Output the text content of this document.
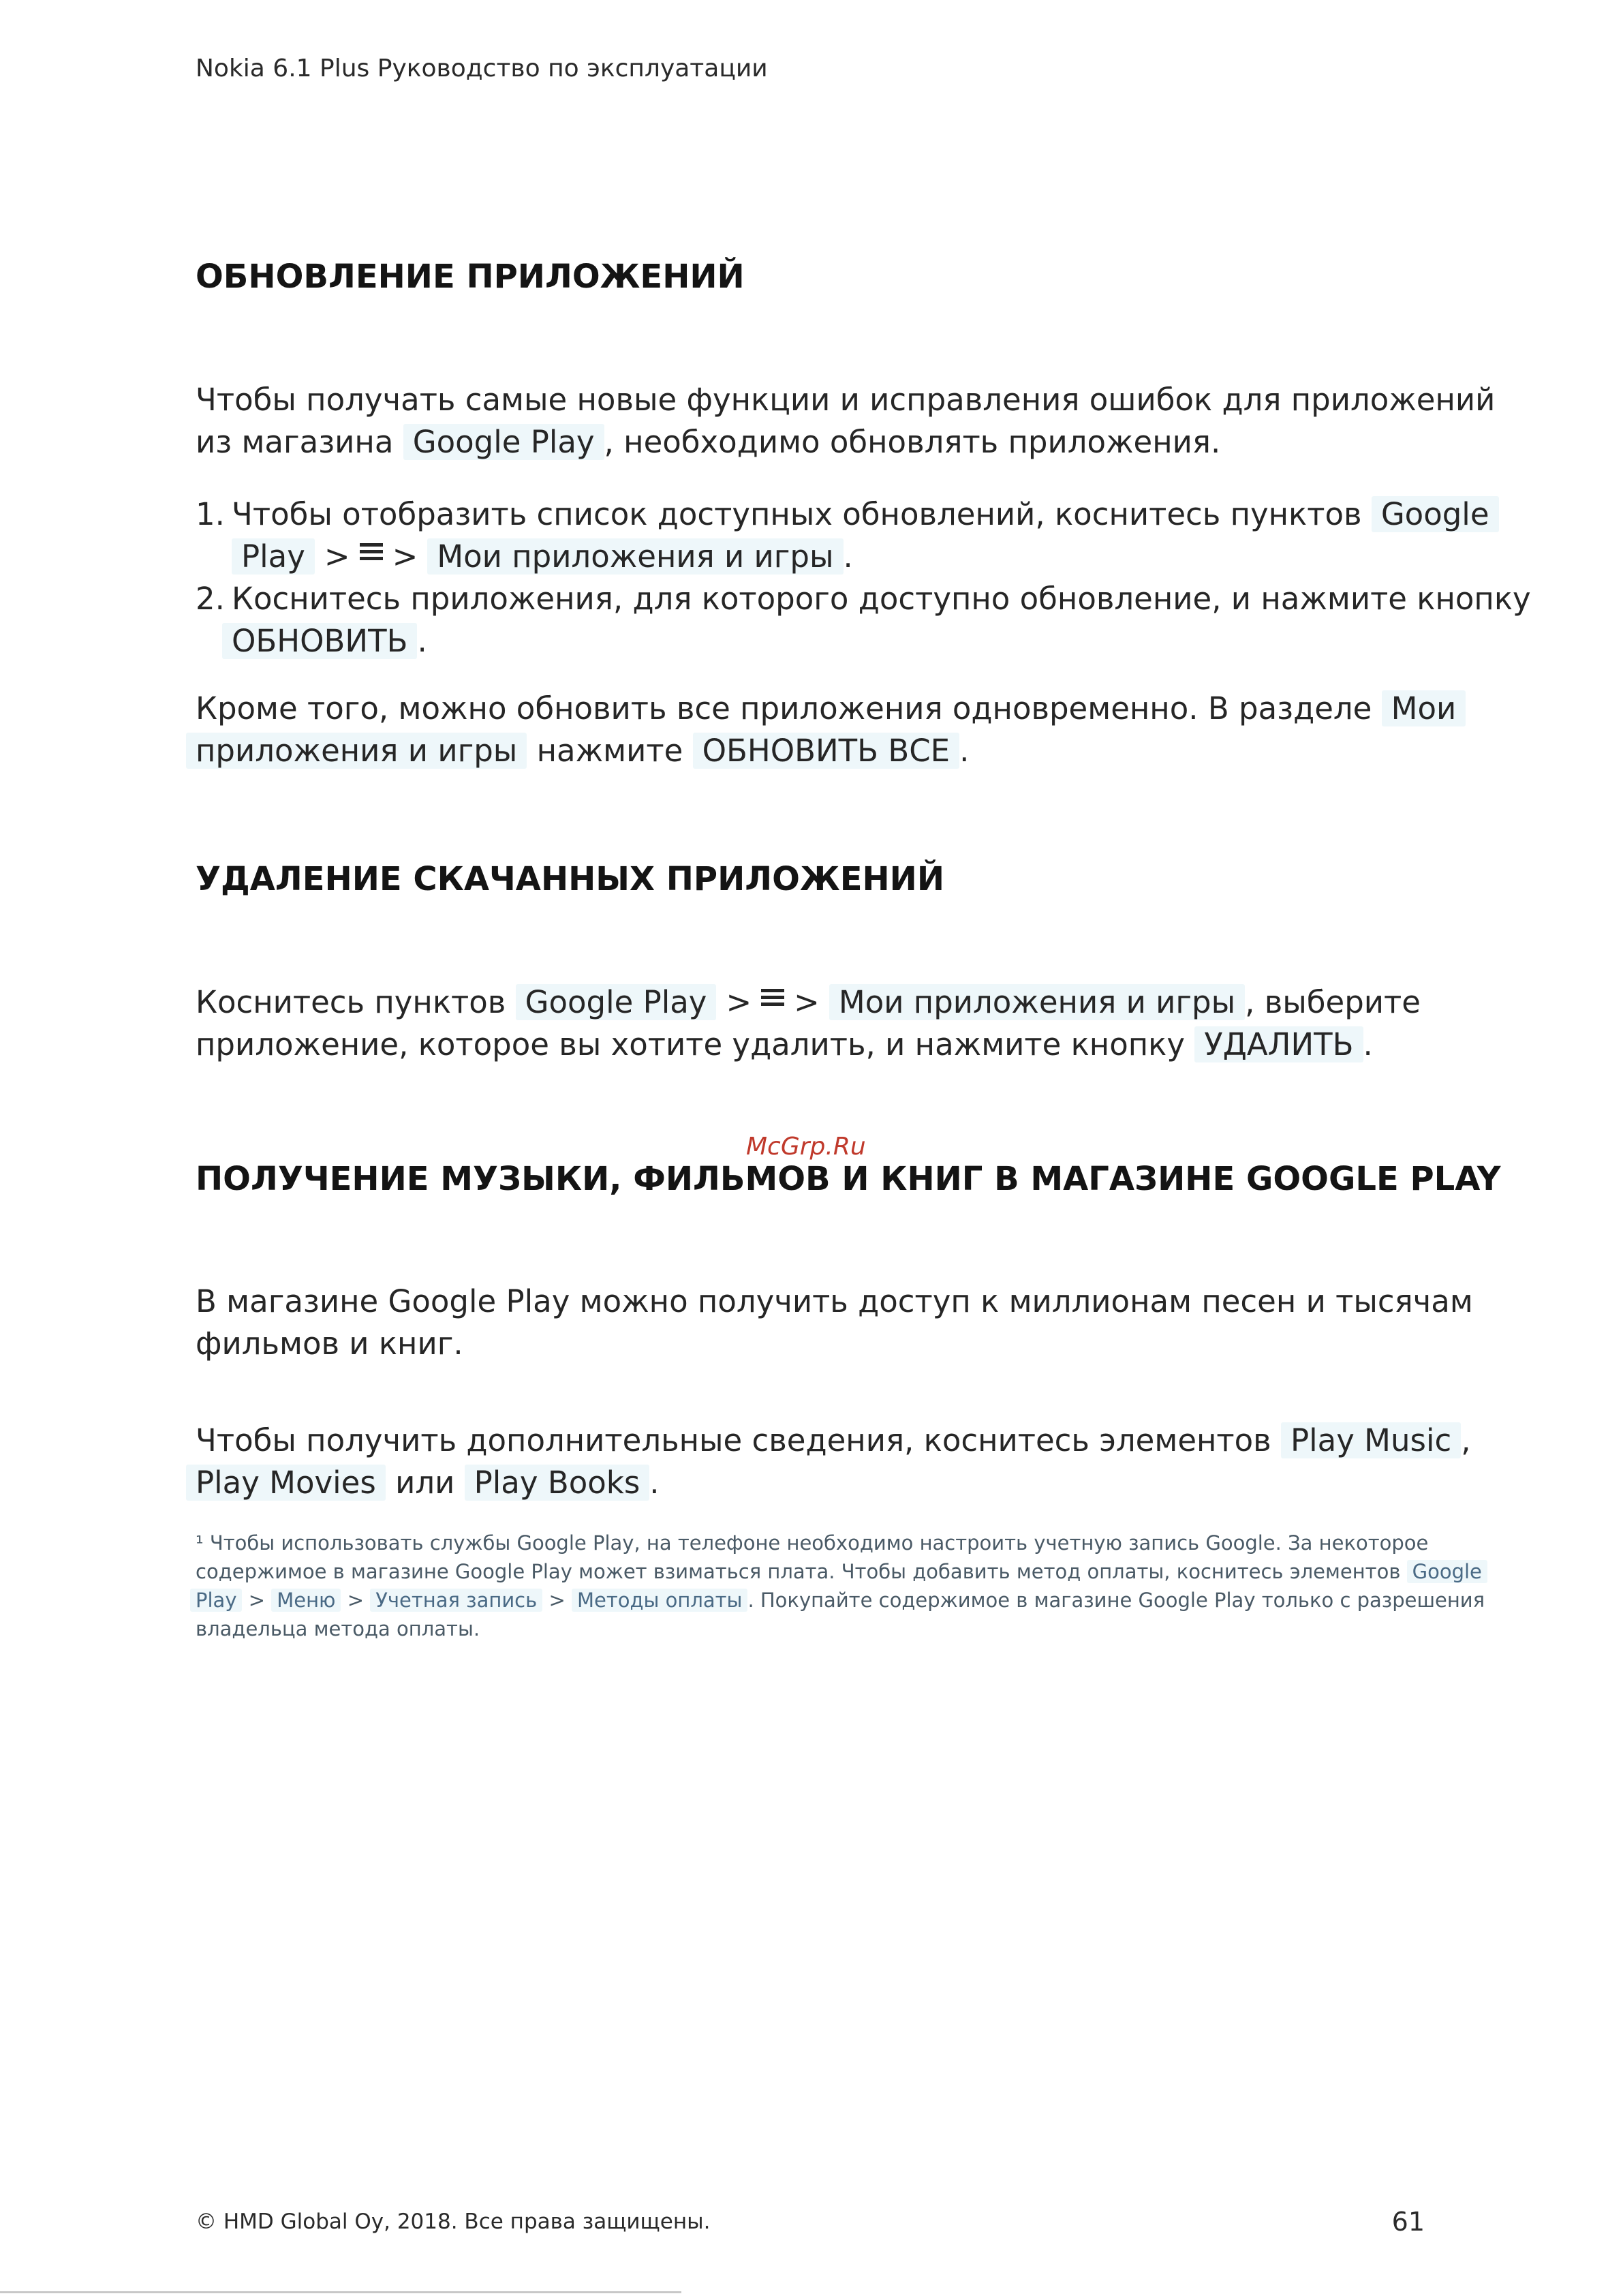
Nokia 6.1 Plus Руководство по эксплуатации
ОБНОВЛЕНИЕ ПРИЛОЖЕНИЙ
Чтобы получать самые новые функции и исправления ошибок для приложений
из магазина Google Play , необходимо обновлять приложения.
1. Чтобы отобразить список доступных обновлений, коснитесь пунктов Google
Play > > Мои приложения и игры .
2. Коснитесь приложения, для которого доступно обновление, и нажмите кнопку
ОБНОВИТЬ .
Кроме того, можно обновить все приложения одновременно. В разделе Мои
приложения и игры нажмите ОБНОВИТЬ ВСЕ .
УДАЛЕНИЕ СКАЧАННЫХ ПРИЛОЖЕНИЙ
Коснитесь пунктов Google Play > > Мои приложения и игры , выберите
приложение, которое вы хотите удалить, и нажмите кнопку УДАЛИТЬ .
McGrp.Ru
ПОЛУЧЕНИЕ МУЗЫКИ, ФИЛЬМОВ И КНИГ В МАГАЗИНЕ GOOGLE PLAY
В магазине Google Play можно получить доступ к миллионам песен и тысячам
фильмов и книг.
Чтобы получить дополнительные сведения, коснитесь элементов Play Music ,
Play Movies или Play Books .
¹ Чтобы использовать службы Google Play, на телефоне необходимо настроить учетную запись Google. За некоторое
содержимое в магазине Google Play может взиматься плата. Чтобы добавить метод оплаты, коснитесь элементов Google
Play > Меню > Учетная запись > Методы оплаты . Покупайте содержимое в магазине Google Play только с разрешения
владельца метода оплаты.
© HMD Global Oy, 2018. Все права защищены.	61
